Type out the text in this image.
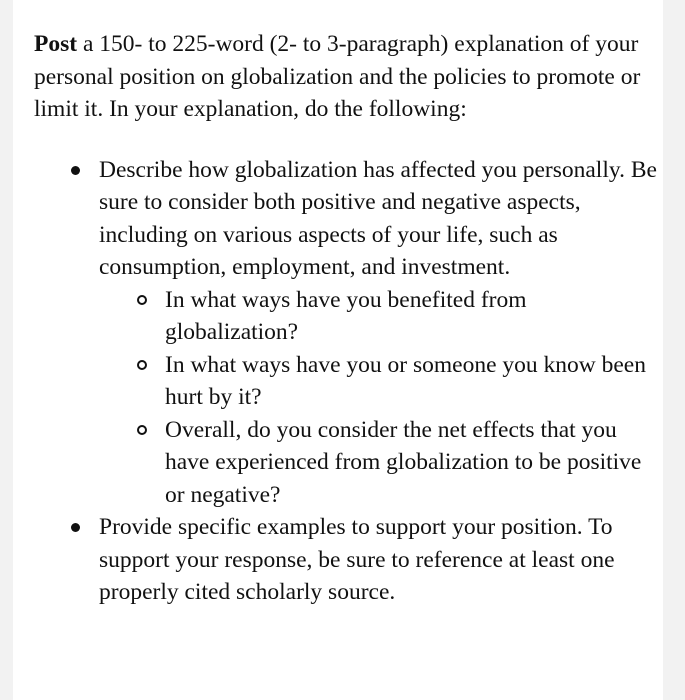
Post a 150- to 225-word (2- to 3-paragraph) explanation of your personal position on globalization and the policies to promote or limit it. In your explanation, do the following:

Describe how globalization has affected you personally. Be sure to consider both positive and negative aspects, including on various aspects of your life, such as consumption, employment, and investment.
In what ways have you benefited from globalization?
In what ways have you or someone you know been hurt by it?
Overall, do you consider the net effects that you have experienced from globalization to be positive or negative?
Provide specific examples to support your position. To support your response, be sure to reference at least one properly cited scholarly source.
